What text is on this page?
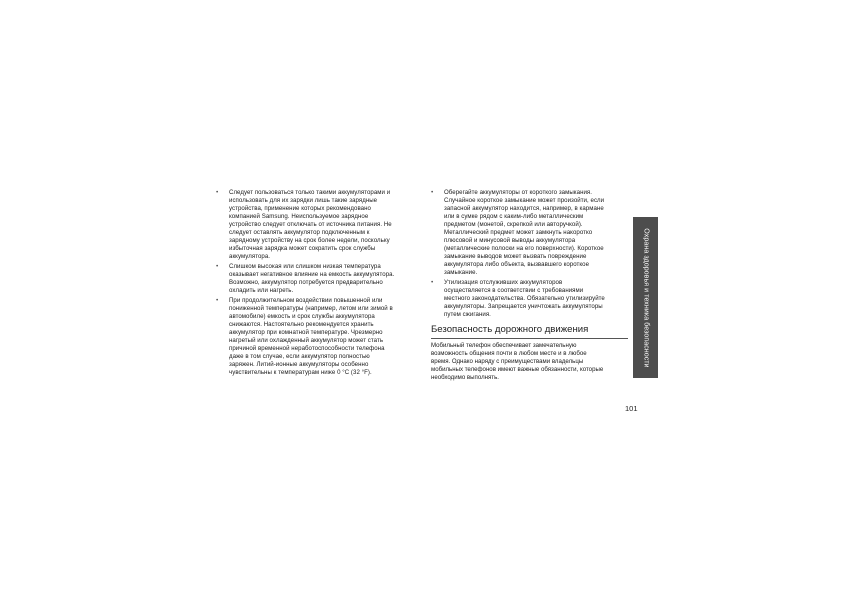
• Следует пользоваться только такими аккумуляторами и
использовать для их зарядки лишь такие зарядные
устройства, применение которых рекомендовано
компанией Samsung. Неиспользуемое зарядное
устройство следует отключать от источника питания. Не
следует оставлять аккумулятор подключенным к
зарядному устройству на срок более недели, поскольку
избыточная зарядка может сократить срок службы
аккумулятора.
• Слишком высокая или слишком низкая температура
оказывает негативное влияние на емкость аккумулятора.
Возможно, аккумулятор потребуется предварительно
охладить или нагреть.
• При продолжительном воздействии повышенной или
пониженной температуры (например, летом или зимой в
автомобиле) емкость и срок службы аккумулятора
снижаются. Настоятельно рекомендуется хранить
аккумулятор при комнатной температуре. Чрезмерно
нагретый или охлажденный аккумулятор может стать
причиной временной неработоспособности телефона
даже в том случае, если аккумулятор полностью
заряжен. Литий-ионные аккумуляторы особенно
чувствительны к температурам ниже 0 °C (32 °F).
• Оберегайте аккумуляторы от короткого замыкания.
Случайное короткое замыкание может произойти, если
запасной аккумулятор находится, например, в кармане
или в сумке рядом с каким-либо металлическим
предметом (монетой, скрепкой или авторучкой).
Металлический предмет может замкнуть накоротко
плюсовой и минусовой выводы аккумулятора
(металлические полоски на его поверхности). Короткое
замыкание выводов может вызвать повреждение
аккумулятора либо объекта, вызвавшего короткое
замыкание.
• Утилизация отслуживших аккумуляторов
осуществляется в соответствии с требованиями
местного законодательства. Обязательно утилизируйте
аккумуляторы. Запрещается уничтожать аккумуляторы
путем сжигания.
Безопасность дорожного движения
Мобильный телефон обеспечивает замечательную
возможность общения почти в любом месте и в любое
время. Однако наряду с преимуществами владельцы
мобильных телефонов имеют важные обязанности, которые
необходимо выполнять.
Охрана здоровья и техника безопасности
101
